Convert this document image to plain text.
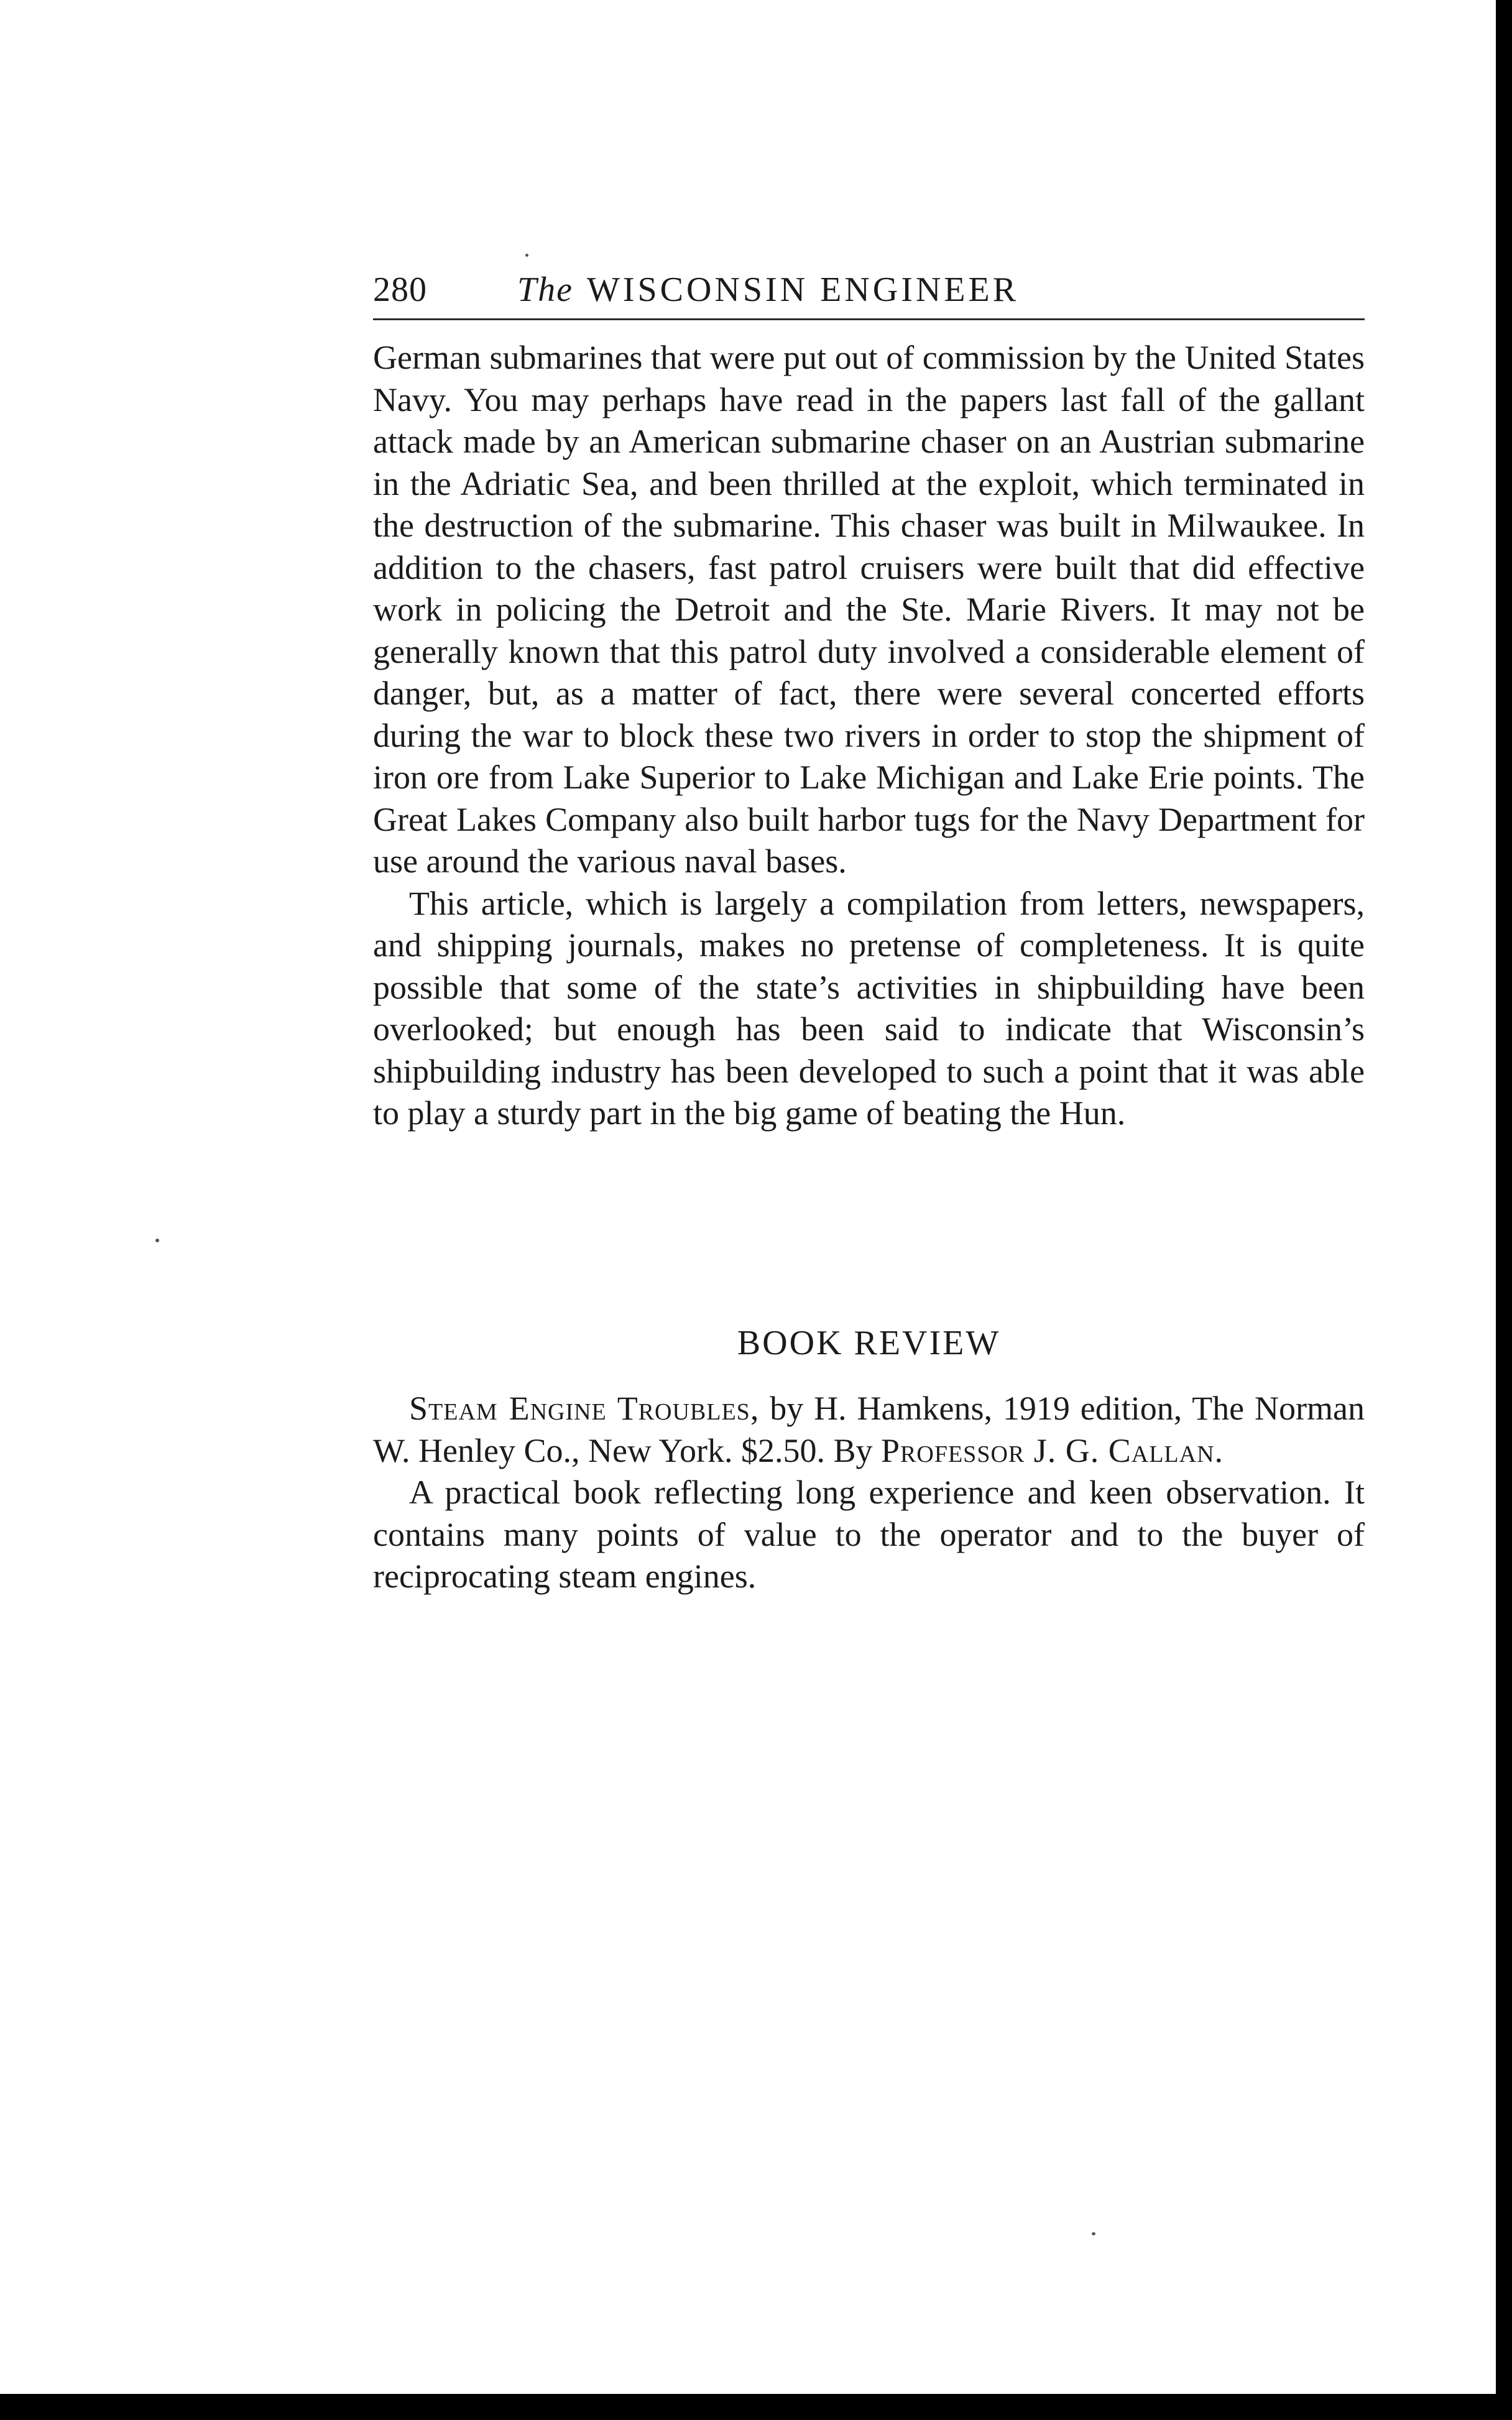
280	The WISCONSIN ENGINEER

German submarines that were put out of commission by the United States Navy. You may perhaps have read in the papers last fall of the gallant attack made by an American submarine chaser on an Austrian submarine in the Adriatic Sea, and been thrilled at the exploit, which terminated in the destruction of the submarine. This chaser was built in Milwaukee. In addition to the chasers, fast patrol cruisers were built that did effective work in policing the Detroit and the Ste. Marie Rivers. It may not be generally known that this patrol duty involved a considerable element of danger, but, as a matter of fact, there were several concerted efforts during the war to block these two rivers in order to stop the shipment of iron ore from Lake Superior to Lake Michigan and Lake Erie points. The Great Lakes Company also built harbor tugs for the Navy Department for use around the various naval bases.

This article, which is largely a compilation from letters, newspapers, and shipping journals, makes no pretense of completeness. It is quite possible that some of the state’s activities in shipbuilding have been overlooked; but enough has been said to indicate that Wisconsin’s shipbuilding industry has been developed to such a point that it was able to play a sturdy part in the big game of beating the Hun.

BOOK REVIEW

Steam Engine Troubles, by H. Hamkens, 1919 edition, The Norman W. Henley Co., New York. $2.50. By Professor J. G. Callan.

A practical book reflecting long experience and keen observation. It contains many points of value to the operator and to the buyer of reciprocating steam engines.
